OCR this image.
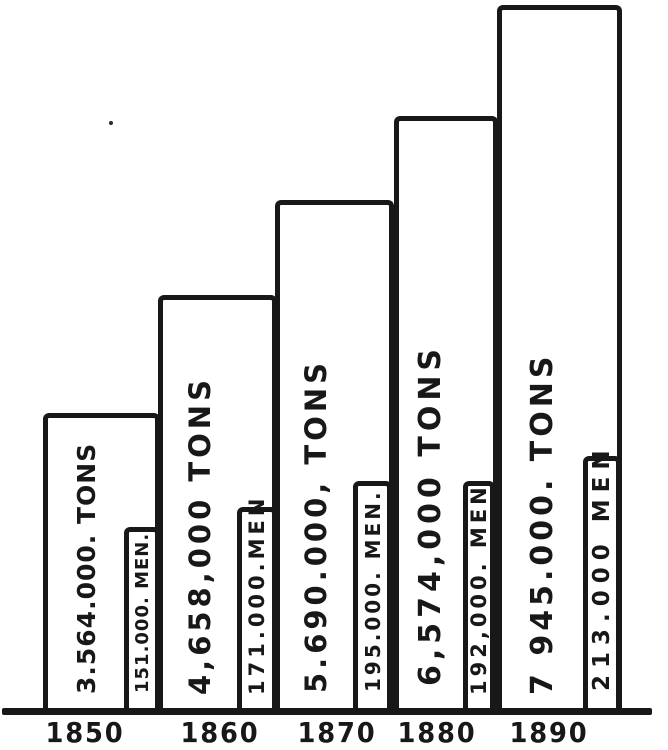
3.564.000. TONS	4,658,000 TONS	5.690.000, TONS	6,574,000 TONS	7 945.000. TONS
151.000. MEN.	171.000.MEN	195.000. MEN.	192,000. MEN	213.000 MEN
1850	1860	1870 1880	1890
